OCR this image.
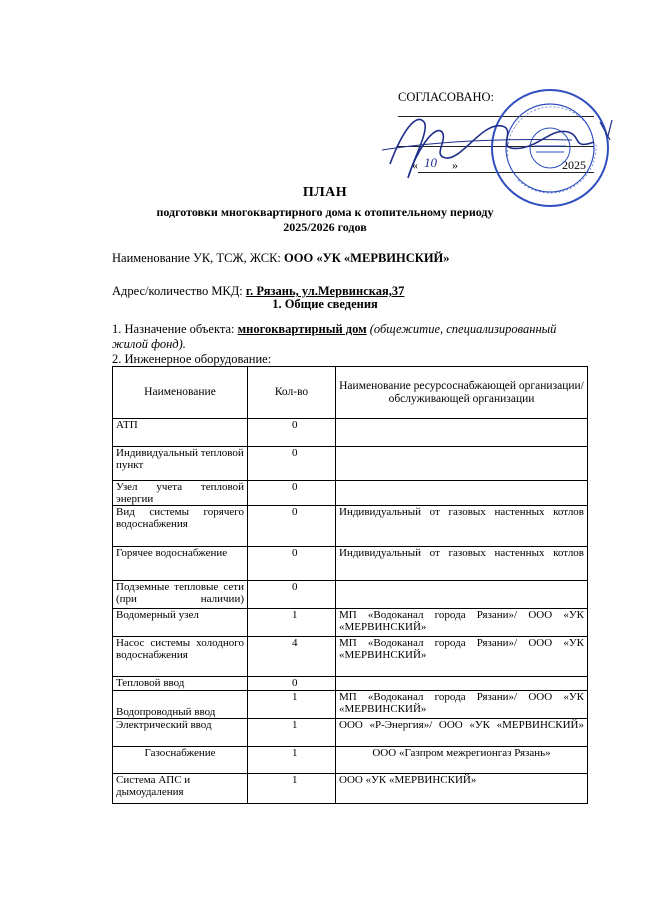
СОГЛАСОВАНО:
« 10 »	2025
ПЛАН
подготовки многоквартирного дома к отопительному периоду
2025/2026 годов
Наименование УК, ТСЖ, ЖСК: ООО «УК «МЕРВИНСКИЙ»
Адрес/количество МКД: г. Рязань, ул.Мервинская,37
1. Общие сведения
1. Назначение объекта: многоквартирный дом (общежитие, специализированный жилой фонд).
2. Инженерное оборудование:
Наименование	Кол-во	Наименование ресурсоснабжающей организации/обслуживающей организации
АТП	0	
Индивидуальный тепловой пункт	0	
Узел учета тепловой энергии	0	
Вид системы горячего водоснабжения	0	Индивидуальный от газовых настенных котлов
Горячее водоснабжение	0	Индивидуальный от газовых настенных котлов
Подземные тепловые сети (при наличии)	0	
Водомерный узел	1	МП «Водоканал города Рязани»/ ООО «УК «МЕРВИНСКИЙ»
Насос системы холодного водоснабжения	4	МП «Водоканал города Рязани»/ ООО «УК «МЕРВИНСКИЙ»
Тепловой ввод	0	
Водопроводный ввод	1	МП «Водоканал города Рязани»/ ООО «УК «МЕРВИНСКИЙ»
Электрический ввод	1	ООО «Р-Энергия»/ ООО «УК «МЕРВИНСКИЙ»
Газоснабжение	1	ООО «Газпром межрегионгаз Рязань»
Система АПС и дымоудаления	1	ООО «УК «МЕРВИНСКИЙ»
